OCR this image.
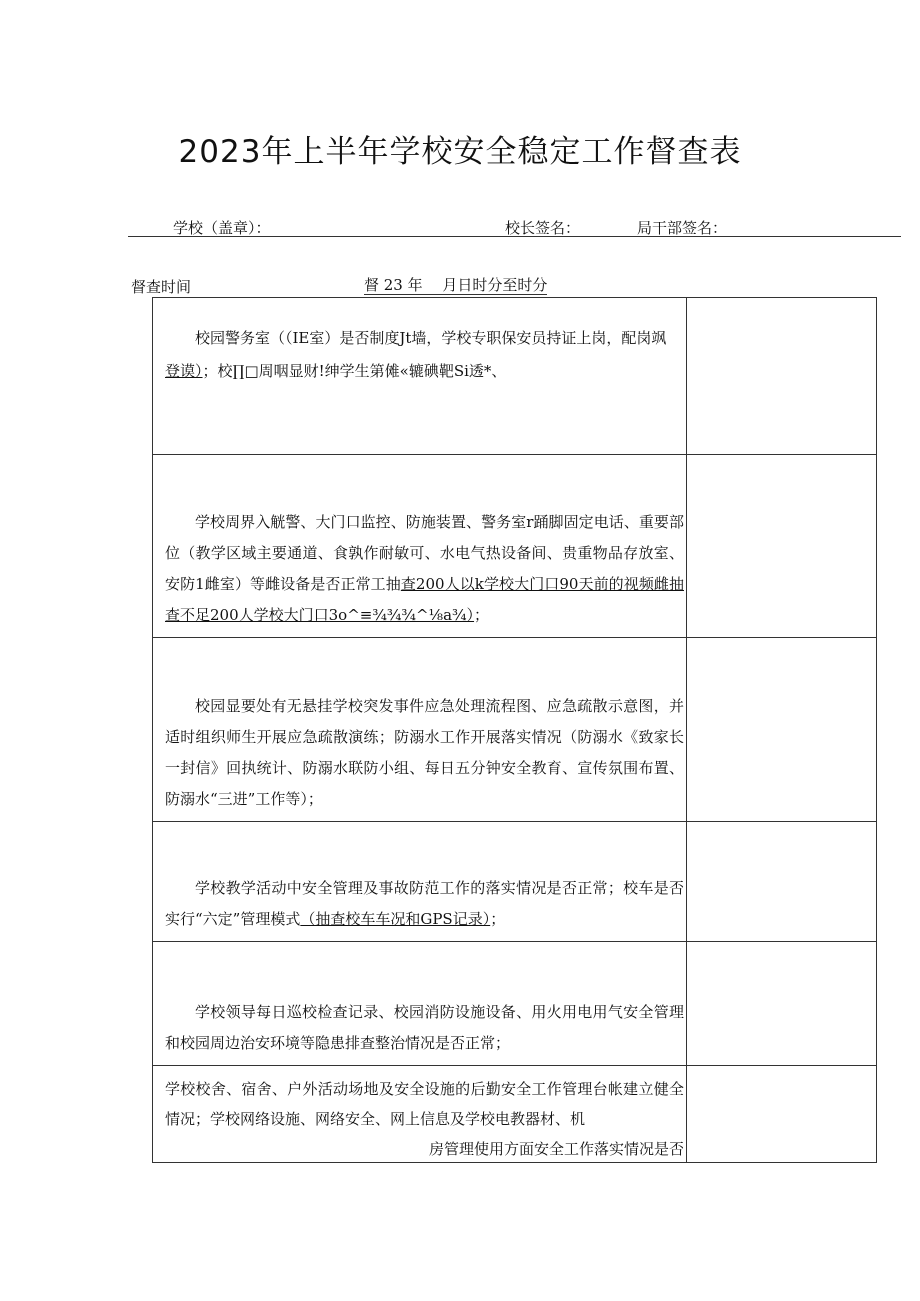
2023年上半年学校安全稳定工作督查表
学校（盖章）：	校长签名：	局干部签名：
督查时间	督 23 年　 月日时分至时分
校园警务室（（IE室）是否制度Jt墙，学校专职保安员持证上岗，配岗飒
登谟）；校∏□周咽显财!绅学生第傩«辘碘靶Si透*、
学校周界入觥警、大门口监控、防施装置、警务室r踊脚固定电话、重要部位（教学区域主要通道、食孰作耐敏可、水电气热设备间、贵重物品存放室、安防1雌室）等雌设备是否正常工抽查200人以k学校大门口90天前的视频雌抽查不足200人学校大门口3o^≡¾¾¾^⅛a¾）；
校园显要处有无悬挂学校突发事件应急处理流程图、应急疏散示意图，并适时组织师生开展应急疏散演练；防溺水工作开展落实情况（防溺水《致家长一封信》回执统计、防溺水联防小组、每日五分钟安全教育、宣传氛围布置、防溺水“三进”工作等）；
学校教学活动中安全管理及事故防范工作的落实情况是否正常；校车是否实行“六定”管理模式（抽查校车车况和GPS记录）；
学校领导每日巡校检查记录、校园消防设施设备、用火用电用气安全管理和校园周边治安环境等隐患排查整治情况是否正常；
学校校舍、宿舍、户外活动场地及安全设施的后勤安全工作管理台帐建立健全情况；学校网络设施、网络安全、网上信息及学校电教器材、机
房管理使用方面安全工作落实情况是否
